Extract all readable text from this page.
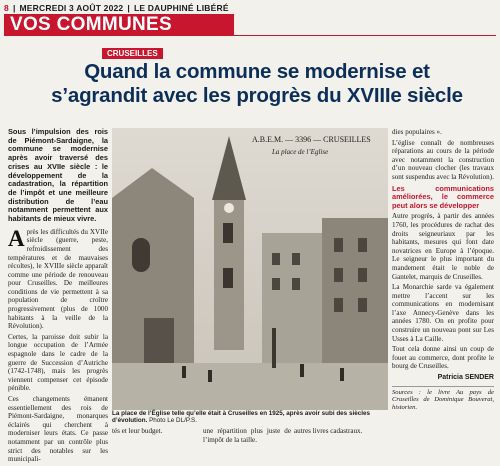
8 | MERCREDI 3 AOÛT 2022 | LE DAUPHINÉ LIBÉRÉ
VOS COMMUNES
CRUSEILLES
Quand la commune se modernise et
s’agrandit avec les progrès du XVIIIe siècle
Sous l’impulsion des rois de Piémont-Sardaigne, la commune se modernise après avoir traversé des crises au XVIIe siècle : le développement de la cadastration, la répartition de l’impôt et une meilleure distribution de l’eau notamment permettent aux habitants de mieux vivre.

Après les difficultés du XVIIe siècle (guerre, peste, refroidissement des températures et de mauvaises récoltes), le XVIIIe siècle apparaît comme une période de renouveau pour Cruseilles. De meilleures conditions de vie permettent à sa population de croître progressivement (plus de 1000 habitants à la veille de la Révolution).

Certes, la paroisse doit subir la longue occupation de l’Armée espagnole dans le cadre de la guerre de Succession d’Autriche (1742-1748), mais les progrès viennent compenser cet épisode pénible.

Ces changements émanent essentiellement des rois de Piémont-Sardaigne, monarques éclairés qui cherchent à moderniser leurs états. Ce passe notamment par un contrôle plus strict des notables sur les municipali-

A.B.E.M. — 3396 — CRUSEILLES
La place de l’Eglise
La place de l’Église telle qu’elle était à Cruseilles en 1925, après avoir subi des siècles d’évolution. Photo Le DL/P.S.

tés et leur budget.	une répartition plus juste de l’impôt de la taille.

autres livres cadastraux.

dies populaires ».

L’église connaît de nombreuses réparations au cours de la période avec notamment la construction d’un nouveau clocher (les travaux sont suspendus avec la Révolution).

Les communications améliorées, le commerce peut alors se développer

Autre progrès, à partir des années 1760, les procédures de rachat des droits seigneuriaux par les habitants, mesures qui font date novatrices en Europe à l’époque. Le seigneur le plus important du mandement était le noble de Gantelet, marquis de Cruseilles.

La Monarchie sarde va également mettre l’accent sur les communications en modernisant l’axe Annecy-Genève dans les années 1780. On en profite pour construire un nouveau pont sur Les Usses à La Caille.

Tout cela donne ainsi un coup de fouet au commerce, dont profite le bourg de Cruseilles.

Patricia SENDER
Sources : le livre Au pays de Cruseilles de Dominique Bouverat, historien.
